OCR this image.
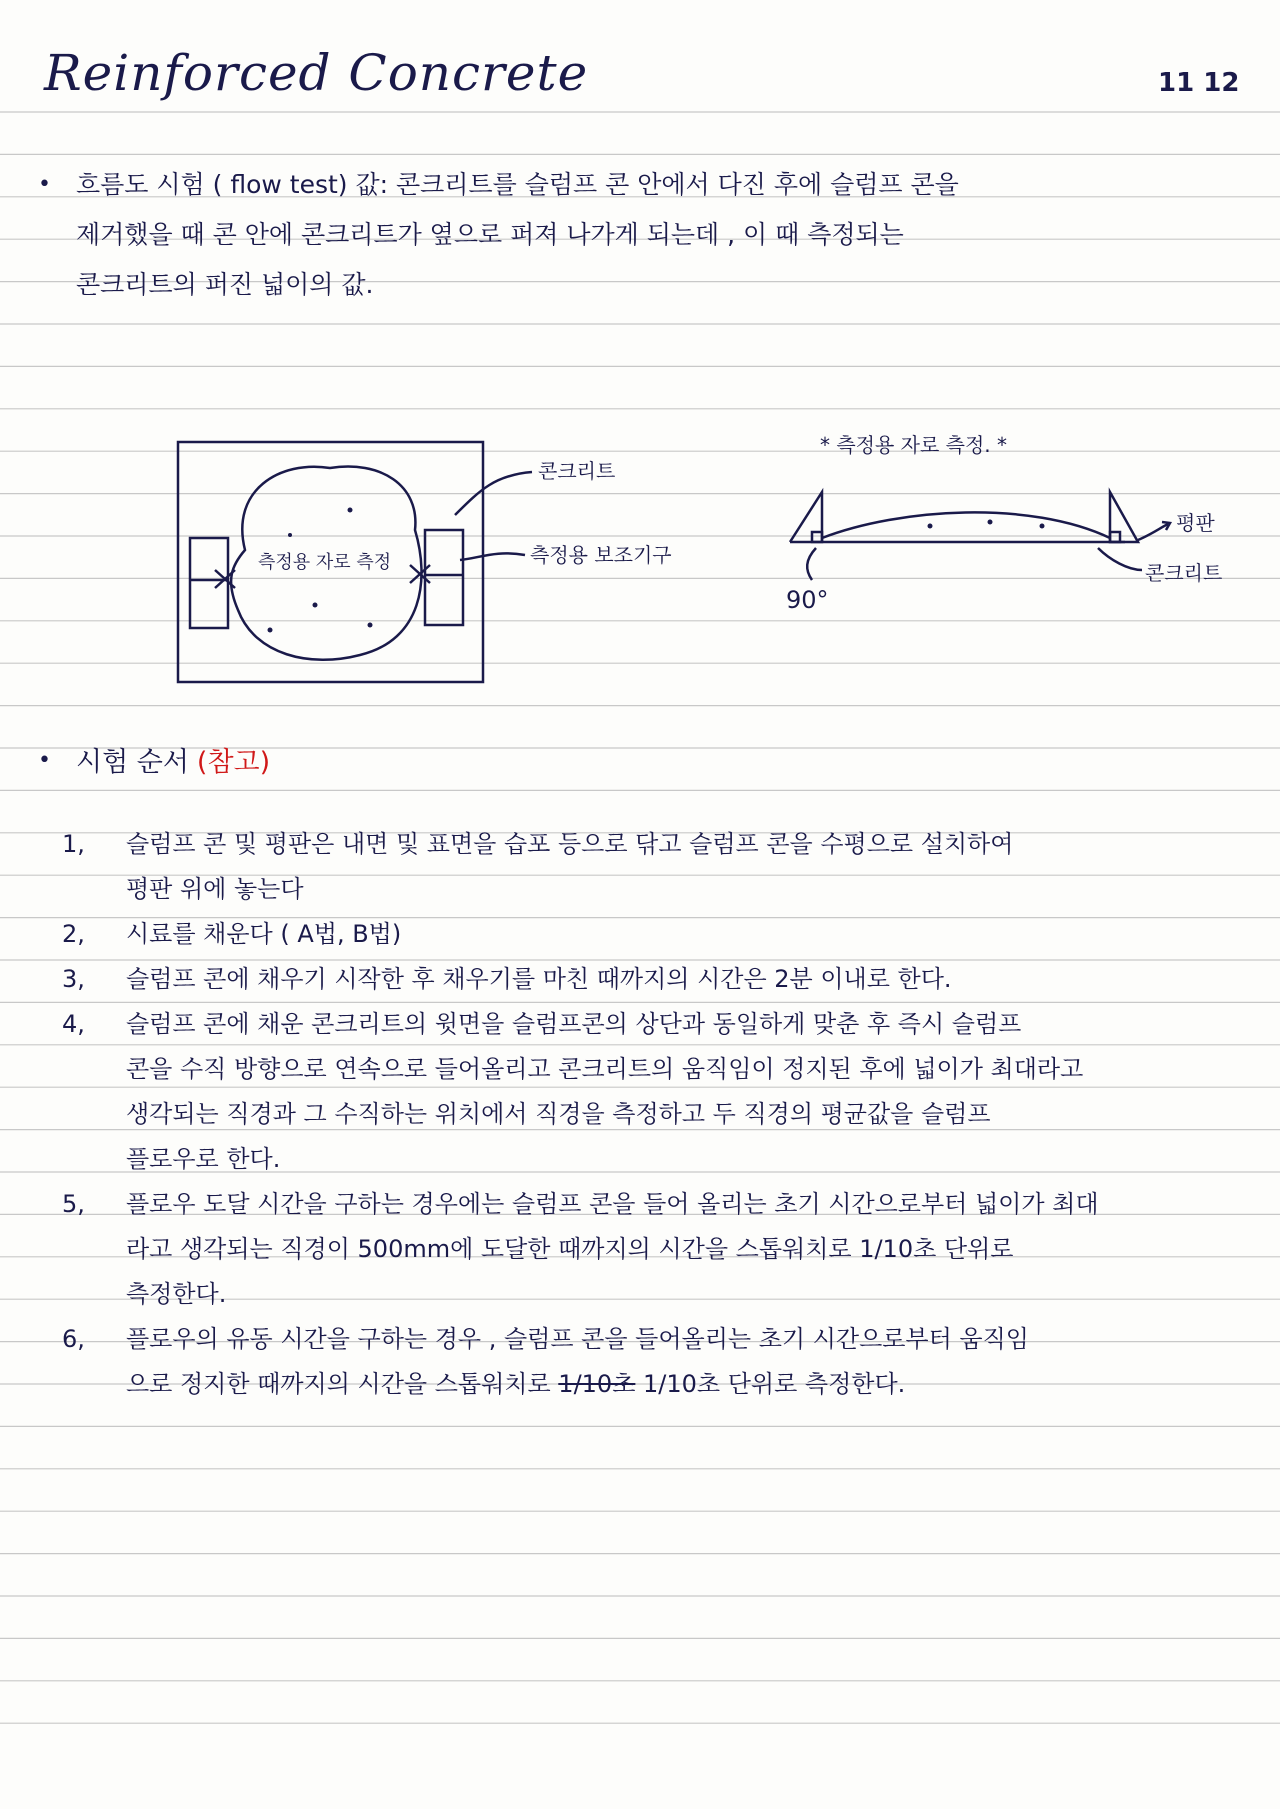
Reinforced Concrete	11 12
• 흐름도 시험 ( flow test) 값: 콘크리트를 슬럼프 콘 안에서 다진 후에 슬럼프 콘을
제거했을 때 콘 안에 콘크리트가 옆으로 퍼져 나가게 되는데 , 이 때 측정되는
콘크리트의 퍼진 넓이의 값.
콘크리트
측정용 보조기구
측정용 자로 측정
* 측정용 자로 측정. *
평판
콘크리트
90°
• 시험 순서 (참고)
1,	슬럼프 콘 및 평판은 내면 및 표면을 습포 등으로 닦고 슬럼프 콘을 수평으로 설치하여
평판 위에 놓는다
2,	시료를 채운다 ( A법, B법)
3,	슬럼프 콘에 채우기 시작한 후 채우기를 마친 때까지의 시간은 2분 이내로 한다.
4,	슬럼프 콘에 채운 콘크리트의 윗면을 슬럼프콘의 상단과 동일하게 맞춘 후 즉시 슬럼프
콘을 수직 방향으로 연속으로 들어올리고 콘크리트의 움직임이 정지된 후에 넓이가 최대라고
생각되는 직경과 그 수직하는 위치에서 직경을 측정하고 두 직경의 평균값을 슬럼프
플로우로 한다.
5,	플로우 도달 시간을 구하는 경우에는 슬럼프 콘을 들어 올리는 초기 시간으로부터 넓이가 최대
라고 생각되는 직경이 500mm에 도달한 때까지의 시간을 스톱워치로 1/10초 단위로
측정한다.
6,	플로우의 유동 시간을 구하는 경우 , 슬럼프 콘을 들어올리는 초기 시간으로부터 움직임
으로 정지한 때까지의 시간을 스톱워치로 1/10초 1/10초 단위로 측정한다.
